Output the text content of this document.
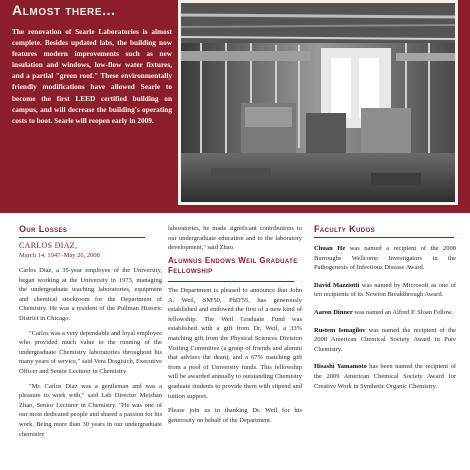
Almost there...

The renovation of Searle Laboratories is almost complete. Besides updated labs, the building now features modern improvements such as new insulation and windows, low-flow water fixtures, and a partial "green roof." These environmentally friendly modifications have allowed Searle to become the first LEED certified building on campus, and will decrease the building's operating costs to boot. Searle will reopen early in 2009.

Our Losses
CARLOS DIAZ,
March 14, 1947–May 26, 2008

Carlos Diaz, a 35-year employee of the University, began working at the University in 1973, managing the undergraduate teaching laboratories, equipment and chemical stockroom for the Department of Chemistry. He was a resident of the Pullman Historic District in Chicago.

"Carlos was a very dependable and loyal employee who provided much value to the running of the undergraduate Chemistry laboratories throughout his many years of service," said Vera Dragisich, Executive Officer and Senior Lecturer in Chemistry.

"Mr. Carlos Diaz was a gentleman and was a pleasure to work with," said Lab Director Meishan Zhao, Senior Lecturer in Chemistry. "He was one of our most dedicated people and shared a passion for his work. Being more than 30 years in our undergraduate chemistry

laboratories, he made significant contributions to our undergraduate education and to the laboratory development," said Zhao.
Alumnus Endows Weil Graduate Fellowship

The Department is pleased to announce that John A. Weil, SM'50, PhD'55, has generously established and endowed the first of a new kind of fellowship. The Weil Graduate Fund was established with a gift from Dr. Weil, a 33% matching gift from the Physical Sciences Division Visiting Committee (a group of friends and alumni that advises the dean), and a 67% matching gift from a pool of University funds. This fellowship will be awarded annually to outstanding Chemistry graduate students to provide them with stipend and tuition support.

Please join us in thanking Dr. Weil for his generosity on behalf of the Department.

Faculty Kudos

Chuan He was named a recipient of the 2008 Burroughs Wellcome Investigators in the Pathogenesis of Infectious Disease Award.

David Mazziotti was named by Microsoft as one of ten recipients of its Newton Breakthrough Award.

Aaron Dinner was named an Alfred P. Sloan Fellow.

Rustem Ismagilov was named the recipient of the 2008 American Chemical Society Award in Pure Chemistry.

Hisashi Yamamoto has been named the recipient of the 2009 American Chemical Society Award for Creative Work in Synthetic Organic Chemistry.
